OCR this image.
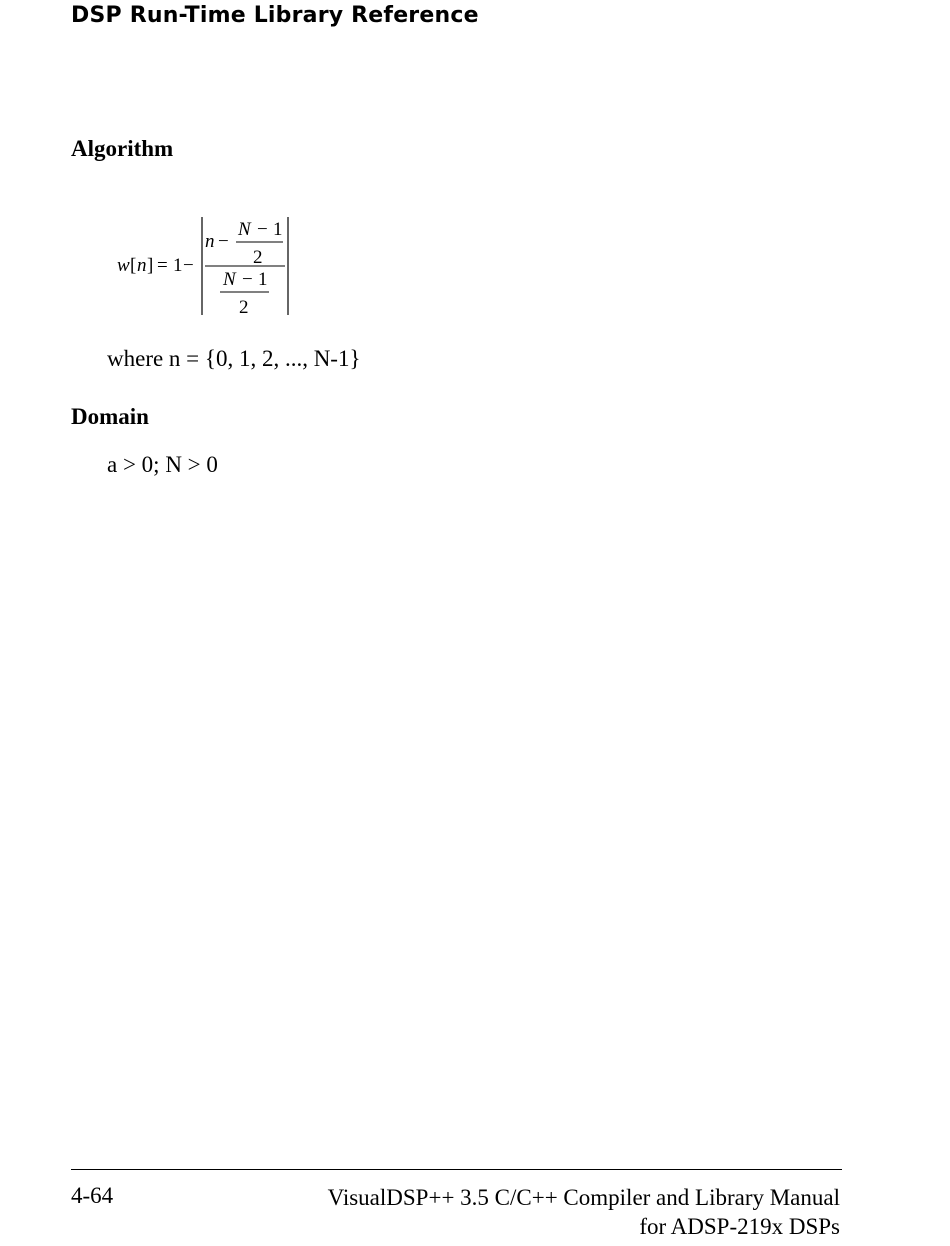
DSP Run-Time Library Reference
Algorithm
w [ n ] = 1 −
n −
N − 1
2
N − 1
2
where n = {0, 1, 2, ..., N-1}
Domain
a > 0; N > 0
4-64	VisualDSP++ 3.5 C/C++ Compiler and Library Manual
for ADSP-219x DSPs
